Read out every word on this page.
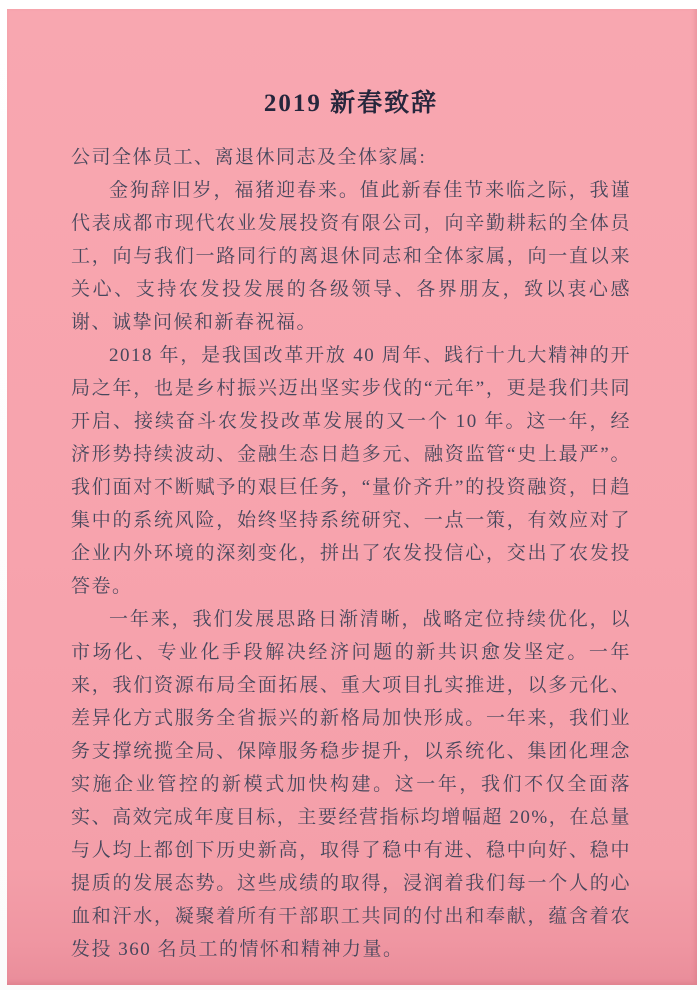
2019 新春致辞

公司全体员工、离退休同志及全体家属:

金狗辞旧岁，福猪迎春来。值此新春佳节来临之际，我谨代表成都市现代农业发展投资有限公司，向辛勤耕耘的全体员工，向与我们一路同行的离退休同志和全体家属，向一直以来关心、支持农发投发展的各级领导、各界朋友，致以衷心感谢、诚挚问候和新春祝福。

2018 年，是我国改革开放 40 周年、践行十九大精神的开局之年，也是乡村振兴迈出坚实步伐的“元年”，更是我们共同开启、接续奋斗农发投改革发展的又一个 10 年。这一年，经济形势持续波动、金融生态日趋多元、融资监管“史上最严”。我们面对不断赋予的艰巨任务，“量价齐升”的投资融资，日趋集中的系统风险，始终坚持系统研究、一点一策，有效应对了企业内外环境的深刻变化，拼出了农发投信心，交出了农发投答卷。

一年来，我们发展思路日渐清晰，战略定位持续优化，以市场化、专业化手段解决经济问题的新共识愈发坚定。一年来，我们资源布局全面拓展、重大项目扎实推进，以多元化、差异化方式服务全省振兴的新格局加快形成。一年来，我们业务支撑统揽全局、保障服务稳步提升，以系统化、集团化理念实施企业管控的新模式加快构建。这一年，我们不仅全面落实、高效完成年度目标，主要经营指标均增幅超 20%，在总量与人均上都创下历史新高，取得了稳中有进、稳中向好、稳中提质的发展态势。这些成绩的取得，浸润着我们每一个人的心血和汗水，凝聚着所有干部职工共同的付出和奉献，蕴含着农发投 360 名员工的情怀和精神力量。
